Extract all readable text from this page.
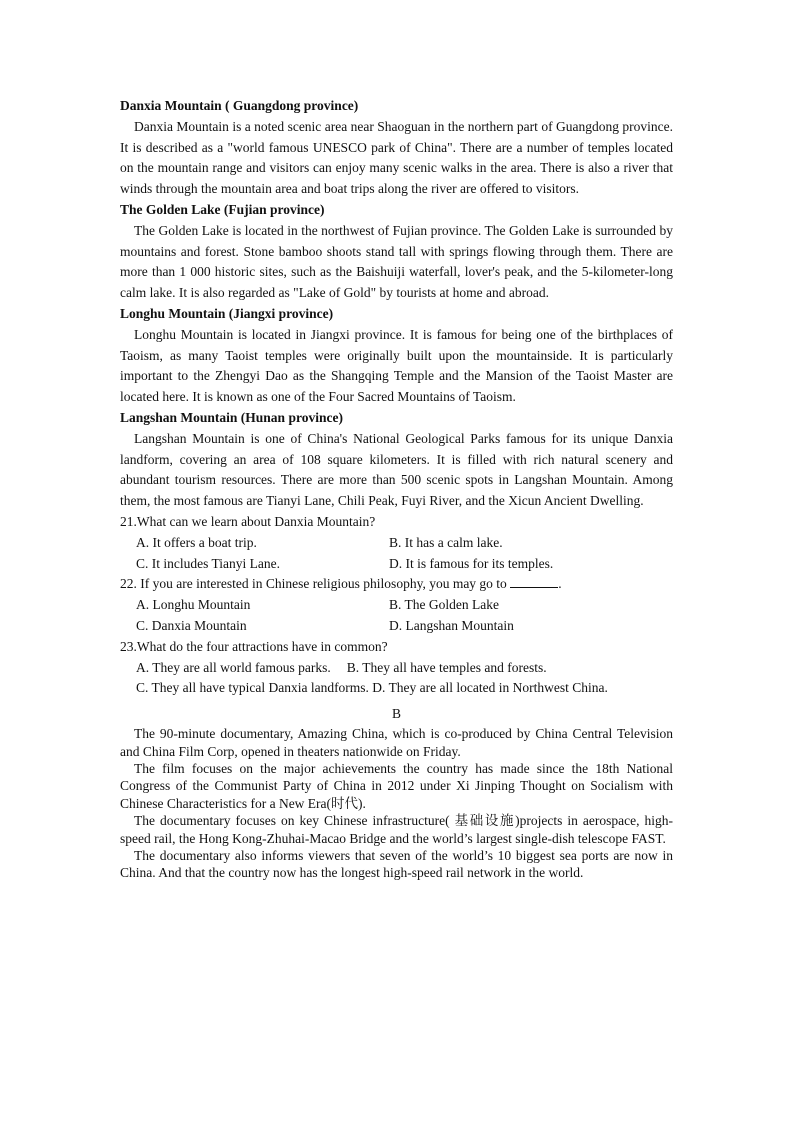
Danxia Mountain ( Guangdong province)

Danxia Mountain is a noted scenic area near Shaoguan in the northern part of Guangdong province. It is described as a "world famous UNESCO park of China". There are a number of temples located on the mountain range and visitors can enjoy many scenic walks in the area. There is also a river that winds through the mountain area and boat trips along the river are offered to visitors.

The Golden Lake (Fujian province)

The Golden Lake is located in the northwest of Fujian province. The Golden Lake is surrounded by mountains and forest. Stone bamboo shoots stand tall with springs flowing through them. There are more than 1 000 historic sites, such as the Baishuiji waterfall, lover's peak, and the 5-kilometer-long calm lake. It is also regarded as "Lake of Gold" by tourists at home and abroad.

Longhu Mountain (Jiangxi province)

Longhu Mountain is located in Jiangxi province. It is famous for being one of the birthplaces of Taoism, as many Taoist temples were originally built upon the mountainside. It is particularly important to the Zhengyi Dao as the Shangqing Temple and the Mansion of the Taoist Master are located here. It is known as one of the Four Sacred Mountains of Taoism.

Langshan Mountain (Hunan province)

Langshan Mountain is one of China's National Geological Parks famous for its unique Danxia landform, covering an area of 108 square kilometers. It is filled with rich natural scenery and abundant tourism resources. There are more than 500 scenic spots in Langshan Mountain. Among them, the most famous are Tianyi Lane, Chili Peak, Fuyi River, and the Xicun Ancient Dwelling.

21.What can we learn about Danxia Mountain?

A. It offers a boat trip.	B. It has a calm lake.
C. It includes Tianyi Lane.	D. It is famous for its temples.

22. If you are interested in Chinese religious philosophy, you may go to	.

A. Longhu Mountain	B. The Golden Lake
C. Danxia Mountain	D. Langshan Mountain

23.What do the four attractions have in common?

A. They are all world famous parks. B. They all have temples and forests.

C. They all have typical Danxia landforms. D. They are all located in Northwest China.

B

The 90-minute documentary, Amazing China, which is co-produced by China Central Television and China Film Corp, opened in theaters nationwide on Friday.

The film focuses on the major achievements the country has made since the 18th National Congress of the Communist Party of China in 2012 under Xi Jinping Thought on Socialism with Chinese Characteristics for a New Era(时代).

The documentary focuses on key Chinese infrastructure( 基础设施)projects in aerospace, high-speed rail, the Hong Kong-Zhuhai-Macao Bridge and the world’s largest single-dish telescope FAST.

The documentary also informs viewers that seven of the world’s 10 biggest sea ports are now in China. And that the country now has the longest high-speed rail network in the world.
